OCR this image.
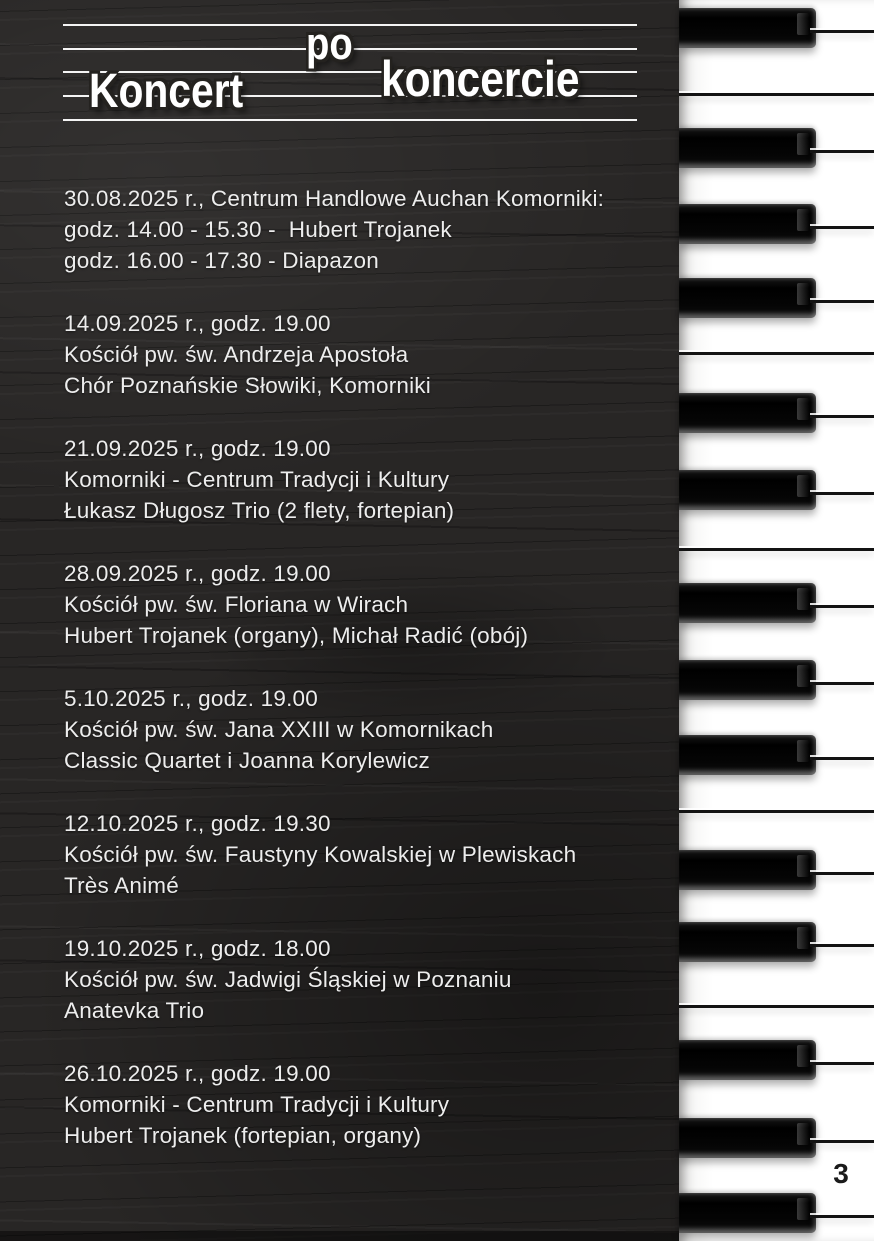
po
Koncert	koncercie

30.08.2025 r., Centrum Handlowe Auchan Komorniki:

godz. 14.00 - 15.30 -  Hubert Trojanek

godz. 16.00 - 17.30 - Diapazon

14.09.2025 r., godz. 19.00

Kościół pw. św. Andrzeja Apostoła

Chór Poznańskie Słowiki, Komorniki

21.09.2025 r., godz. 19.00

Komorniki - Centrum Tradycji i Kultury

Łukasz Długosz Trio (2 flety, fortepian)

28.09.2025 r., godz. 19.00

Kościół pw. św. Floriana w Wirach

Hubert Trojanek (organy), Michał Radić (obój)

5.10.2025 r., godz. 19.00

Kościół pw. św. Jana XXIII w Komornikach

Classic Quartet i Joanna Korylewicz

12.10.2025 r., godz. 19.30

Kościół pw. św. Faustyny Kowalskiej w Plewiskach

Très Animé

19.10.2025 r., godz. 18.00

Kościół pw. św. Jadwigi Śląskiej w Poznaniu

Anatevka Trio

26.10.2025 r., godz. 19.00

Komorniki - Centrum Tradycji i Kultury

Hubert Trojanek (fortepian, organy)

3
